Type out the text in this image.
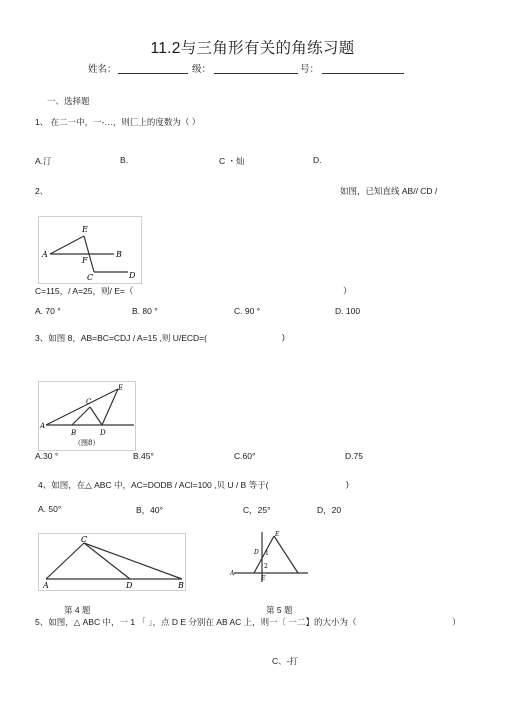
11.2与三角形有关的角练习题
姓名：	级：	号：
一、选择题
1、 在二一中，一-…，则匚上的度数为（ ）
A.汀	B.	C ・灿	D.
2、	如图，已知直线 AB// CD /
A
E
B
F
C	D
C=115，/ A=25，则/ E=（	）
A. 70 °	B. 80 °	C. 90 °	D. 100
3、如图 8，AB=BC=CDJ / A=15 ,则 U/ECD=(	)
E
C
A
B	D
（图8）
A.30 °	B.45°	C.60°	D.75
4、如图，在△ ABC 中，AC=DODB / ACl=100 ,贝 U / B 等于(	)
A. 50°	B，40°	C，25°	D，20
C
A	D	B
E
D 1
2
A
E
第 4 题	第 5 题
5、如图，△ ABC 中，一 1 「 」，点 D E 分别在 AB AC 上，则一〔 一二】的大小为（	）
C、-打
